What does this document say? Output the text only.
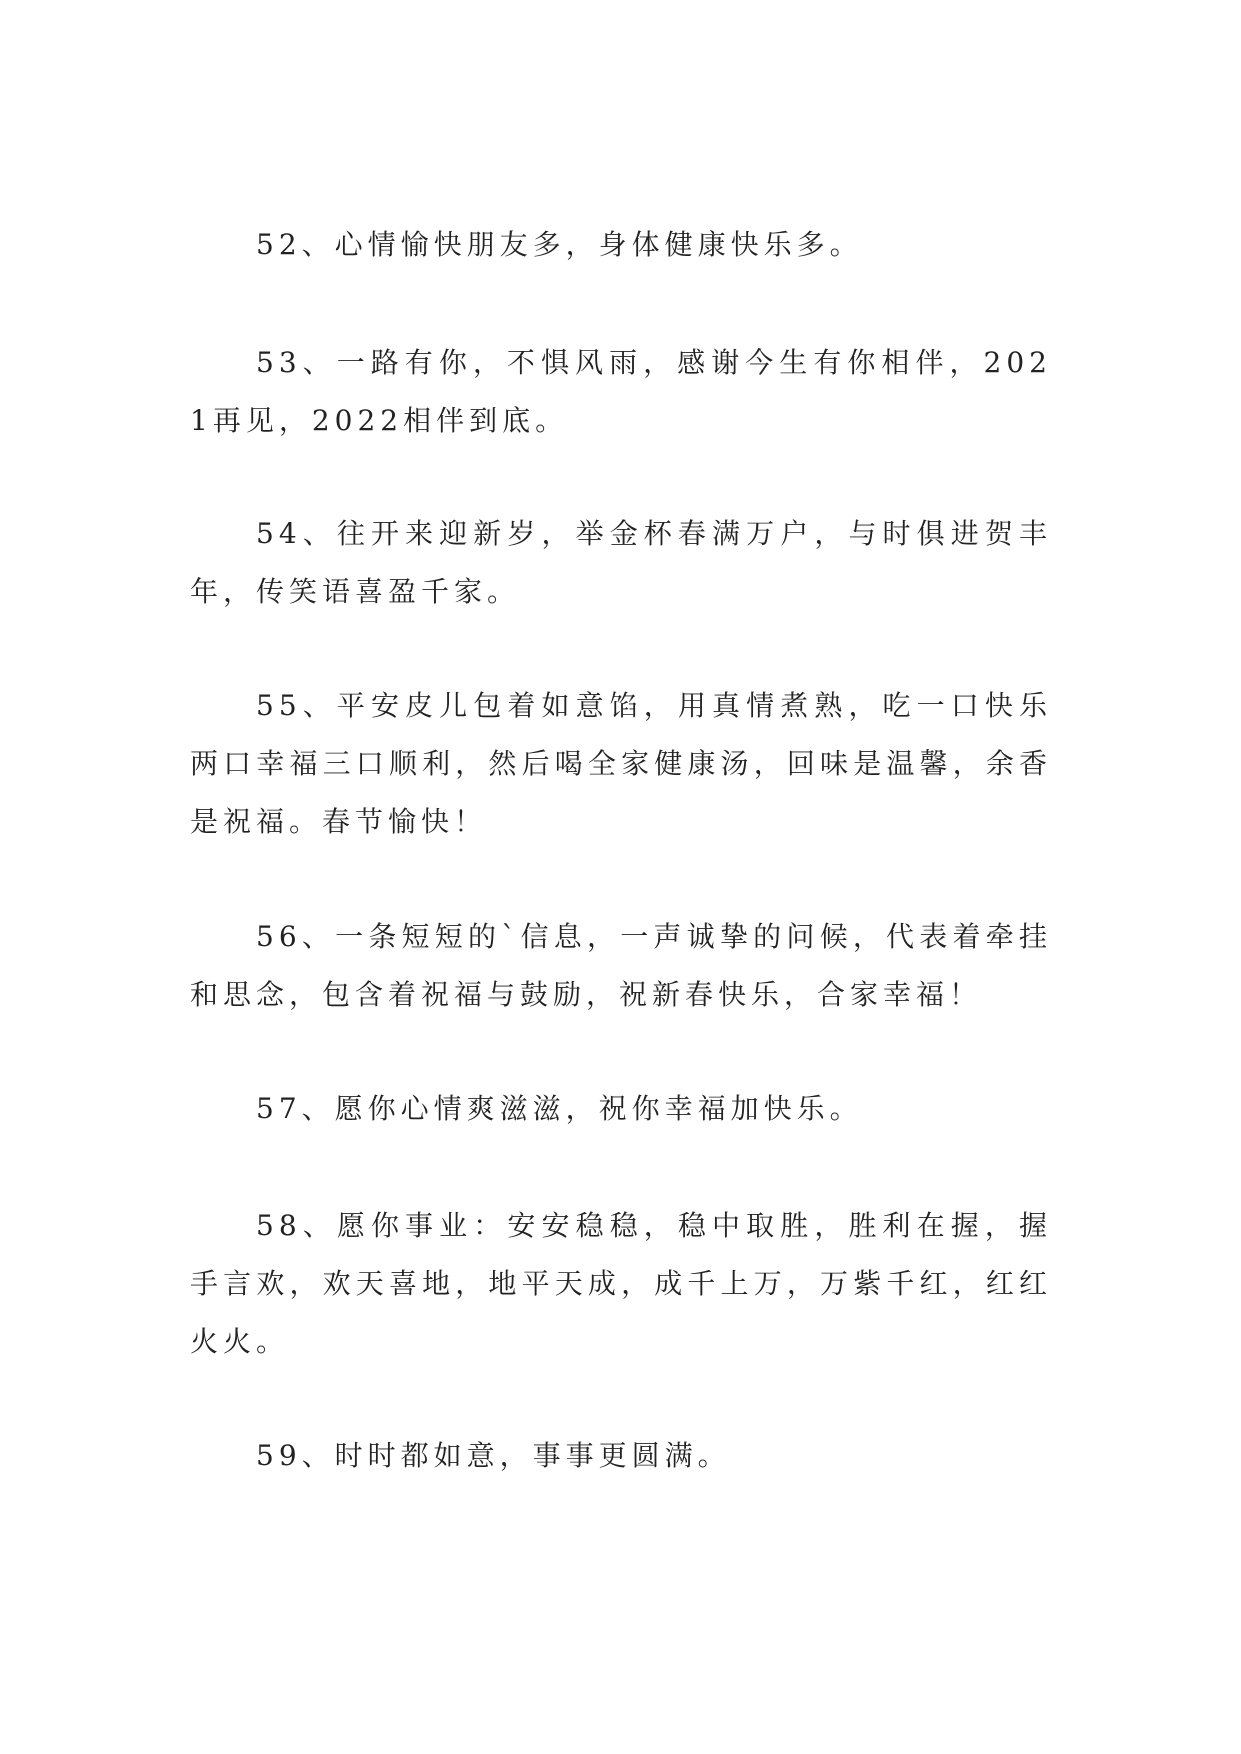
52、心情愉快朋友多，身体健康快乐多。

53、一路有你，不惧风雨，感谢今生有你相伴，2021再见，2022相伴到底。

54、往开来迎新岁，举金杯春满万户，与时俱进贺丰年，传笑语喜盈千家。

55、平安皮儿包着如意馅，用真情煮熟，吃一口快乐两口幸福三口顺利，然后喝全家健康汤，回味是温馨，余香是祝福。春节愉快！

56、一条短短的`信息，一声诚挚的问候，代表着牵挂和思念，包含着祝福与鼓励，祝新春快乐，合家幸福！

57、愿你心情爽滋滋，祝你幸福加快乐。

58、愿你事业：安安稳稳，稳中取胜，胜利在握，握手言欢，欢天喜地，地平天成，成千上万，万紫千红，红红火火。

59、时时都如意，事事更圆满。
